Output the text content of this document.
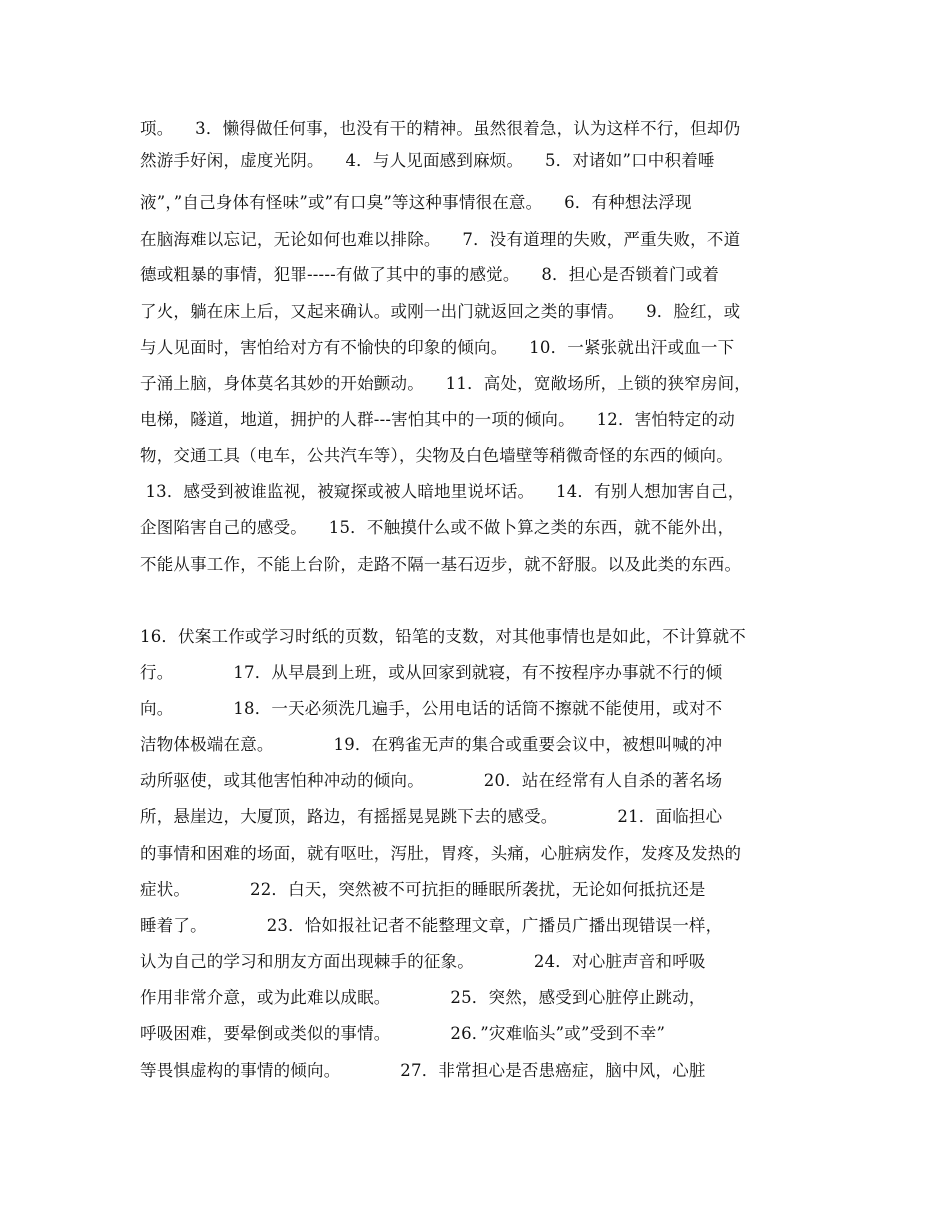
项。    3．懒得做任何事，也没有干的精神。虽然很着急，认为这样不行，但却仍
然游手好闲，虚度光阴。    4．与人见面感到麻烦。    5．对诸如”口中积着唾
液”，”自己身体有怪味”或”有口臭”等这种事情很在意。    6．有种想法浮现
在脑海难以忘记，无论如何也难以排除。    7．没有道理的失败，严重失败，不道
德或粗暴的事情，犯罪-----有做了其中的事的感觉。    8．担心是否锁着门或着
了火，躺在床上后，又起来确认。或刚一出门就返回之类的事情。    9．脸红，或
与人见面时，害怕给对方有不愉快的印象的倾向。    10．一紧张就出汗或血一下
子涌上脑，身体莫名其妙的开始颤动。    11．高处，宽敞场所，上锁的狭窄房间，
电梯，隧道，地道，拥护的人群---害怕其中的一项的倾向。    12．害怕特定的动
物，交通工具（电车，公共汽车等），尖物及白色墙壁等稍微奇怪的东西的倾向。
13．感受到被谁监视，被窥探或被人暗地里说坏话。    14．有别人想加害自己，
企图陷害自己的感受。    15．不触摸什么或不做卜算之类的东西，就不能外出，
不能从事工作，不能上台阶，走路不隔一基石迈步，就不舒服。以及此类的东西。
16．伏案工作或学习时纸的页数，铅笔的支数，对其他事情也是如此，不计算就不
行。           17．从早晨到上班，或从回家到就寝，有不按程序办事就不行的倾
向。           18．一天必须洗几遍手，公用电话的话筒不擦就不能使用，或对不
洁物体极端在意。           19．在鸦雀无声的集合或重要会议中，被想叫喊的冲
动所驱使，或其他害怕种冲动的倾向。           20．站在经常有人自杀的著名场
所，悬崖边，大厦顶，路边，有摇摇晃晃跳下去的感受。           21．面临担心
的事情和困难的场面，就有呕吐，泻肚，胃疼，头痛，心脏病发作，发疼及发热的
症状。           22．白天，突然被不可抗拒的睡眠所袭扰，无论如何抵抗还是
睡着了。           23．恰如报社记者不能整理文章，广播员广播出现错误一样，
认为自己的学习和朋友方面出现棘手的征象。           24．对心脏声音和呼吸
作用非常介意，或为此难以成眠。           25．突然，感受到心脏停止跳动，
呼吸困难，要晕倒或类似的事情。           26．”灾难临头”或”受到不幸”
等畏惧虚构的事情的倾向。           27．非常担心是否患癌症，脑中风，心脏
